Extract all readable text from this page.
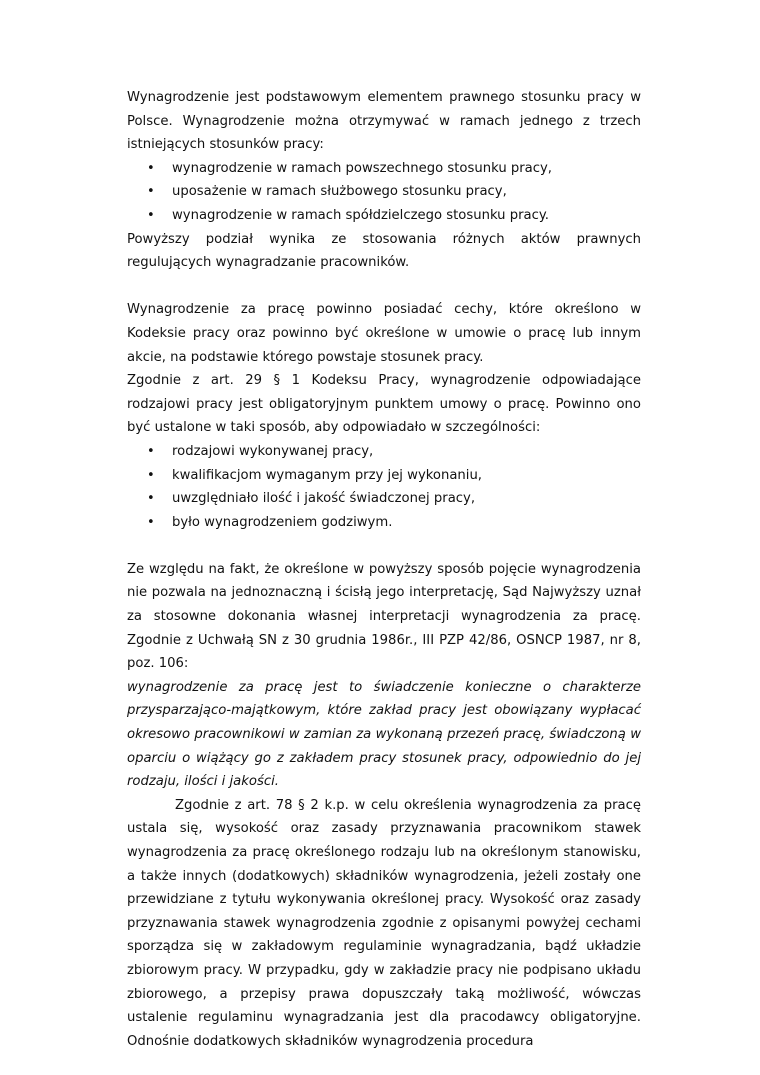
Wynagrodzenie jest podstawowym elementem prawnego stosunku pracy w Polsce. Wynagrodzenie można otrzymywać w ramach jednego z trzech istniejących stosunków pracy:

• wynagrodzenie w ramach powszechnego stosunku pracy,
• uposażenie w ramach służbowego stosunku pracy,
• wynagrodzenie w ramach spółdzielczego stosunku pracy.

Powyższy podział wynika ze stosowania różnych aktów prawnych regulujących wynagradzanie pracowników.

Wynagrodzenie za pracę powinno posiadać cechy, które określono w Kodeksie pracy oraz powinno być określone w umowie o pracę lub innym akcie, na podstawie którego powstaje stosunek pracy.

Zgodnie z art. 29 § 1 Kodeksu Pracy, wynagrodzenie odpowiadające rodzajowi pracy jest obligatoryjnym punktem umowy o pracę. Powinno ono być ustalone w taki sposób, aby odpowiadało w szczególności:

• rodzajowi wykonywanej pracy,
• kwalifikacjom wymaganym przy jej wykonaniu,
• uwzględniało ilość i jakość świadczonej pracy,
• było wynagrodzeniem godziwym.

Ze względu na fakt, że określone w powyższy sposób pojęcie wynagrodzenia nie pozwala na jednoznaczną i ścisłą jego interpretację, Sąd Najwyższy uznał za stosowne dokonania własnej interpretacji wynagrodzenia za pracę. Zgodnie z Uchwałą SN z 30 grudnia 1986r., III PZP 42/86, OSNCP 1987, nr 8, poz. 106:

wynagrodzenie za pracę jest to świadczenie konieczne o charakterze przysparzająco-majątkowym, które zakład pracy jest obowiązany wypłacać okresowo pracownikowi w zamian za wykonaną przezeń pracę, świadczoną w oparciu o wiążący go z zakładem pracy stosunek pracy, odpowiednio do jej rodzaju, ilości i jakości.

Zgodnie z art. 78 § 2 k.p. w celu określenia wynagrodzenia za pracę ustala się, wysokość oraz zasady przyznawania pracownikom stawek wynagrodzenia za pracę określonego rodzaju lub na określonym stanowisku, a także innych (dodatkowych) składników wynagrodzenia, jeżeli zostały one przewidziane z tytułu wykonywania określonej pracy. Wysokość oraz zasady przyznawania stawek wynagrodzenia zgodnie z opisanymi powyżej cechami sporządza się w zakładowym regulaminie wynagradzania, bądź układzie zbiorowym pracy. W przypadku, gdy w zakładzie pracy nie podpisano układu zbiorowego, a przepisy prawa dopuszczały taką możliwość, wówczas ustalenie regulaminu wynagradzania jest dla pracodawcy obligatoryjne. Odnośnie dodatkowych składników wynagrodzenia procedura
